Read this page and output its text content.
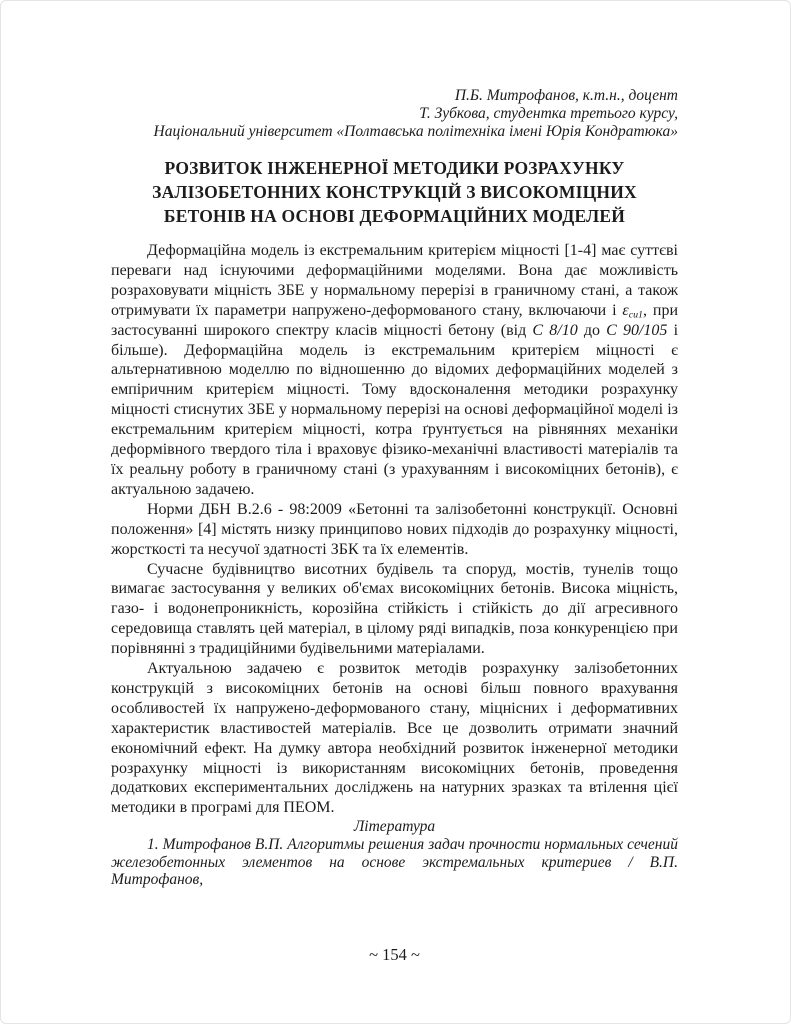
П.Б. Митрофанов, к.т.н., доцент
Т. Зубкова, студентка третього курсу,
Національний університет «Полтавська політехніка імені Юрія Кондратюка»
РОЗВИТОК ІНЖЕНЕРНОЇ МЕТОДИКИ РОЗРАХУНКУ
ЗАЛІЗОБЕТОННИХ КОНСТРУКЦІЙ З ВИСОКОМІЦНИХ
БЕТОНІВ НА ОСНОВІ ДЕФОРМАЦІЙНИХ МОДЕЛЕЙ

Деформаційна модель із екстремальним критерієм міцності [1-4] має суттєві переваги над існуючими деформаційними моделями. Вона дає можливість розраховувати міцність ЗБЕ у нормальному перерізі в граничному стані, а також отримувати їх параметри напружено-деформованого стану, включаючи і $\varepsilon_{cu1}$, при застосуванні широкого спектру класів міцності бетону (від C 8/10 до C 90/105 і більше). Деформаційна модель із екстремальним критерієм міцності є альтернативною моделлю по відношенню до відомих деформаційних моделей з емпіричним критерієм міцності. Тому вдосконалення методики розрахунку міцності стиснутих ЗБЕ у нормальному перерізі на основі деформаційної моделі із екстремальним критерієм міцності, котра ґрунтується на рівняннях механіки деформівного твердого тіла і враховує фізико-механічні властивості матеріалів та їх реальну роботу в граничному стані (з урахуванням і високоміцних бетонів), є актуальною задачею.

Норми ДБН В.2.6 - 98:2009 «Бетонні та залізобетонні конструкції. Основні положення» [4] містять низку принципово нових підходів до розрахунку міцності, жорсткості та несучої здатності ЗБК та їх елементів.

Сучасне будівництво висотних будівель та споруд, мостів, тунелів тощо вимагає застосування у великих об'ємах високоміцних бетонів. Висока міцність, газо- і водонепроникність, корозійна стійкість і стійкість до дії агресивного середовища ставлять цей матеріал, в цілому ряді випадків, поза конкуренцією при порівнянні з традиційними будівельними матеріалами.

Актуальною задачею є розвиток методів розрахунку залізобетонних конструкцій з високоміцних бетонів на основі більш повного врахування особливостей їх напружено-деформованого стану, міцнісних і деформативних характеристик властивостей матеріалів. Все це дозволить отримати значний економічний ефект. На думку автора необхідний розвиток інженерної методики розрахунку міцності із використанням високоміцних бетонів, проведення додаткових експериментальних досліджень на натурних зразках та втілення цієї методики в програмі для ПЕОМ.

Література

1. Митрофанов В.П. Алгоритмы решения задач прочности нормальных сечений железобетонных элементов на основе экстремальных критериев / В.П. Митрофанов,

~ 154 ~
